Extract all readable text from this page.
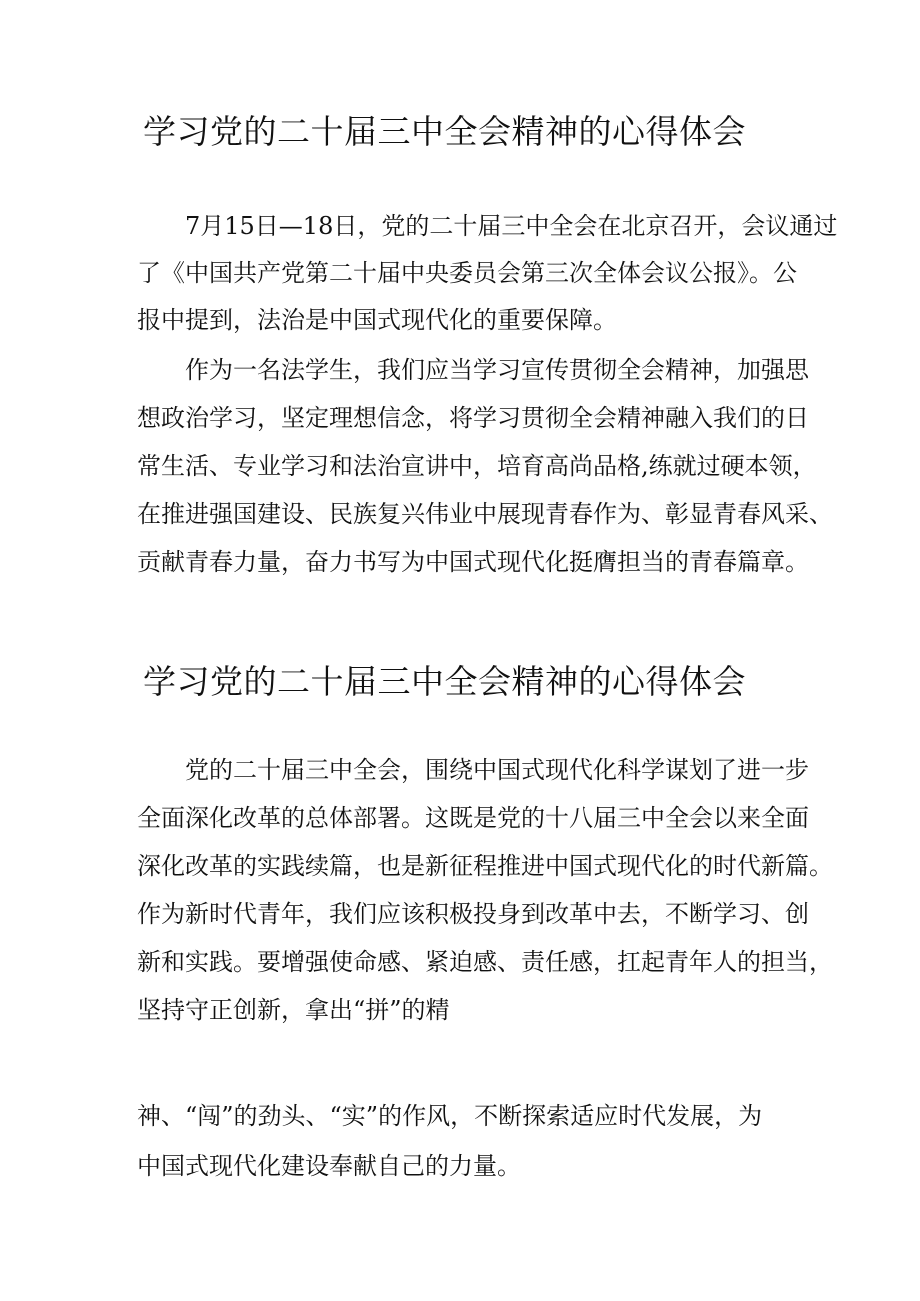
学习党的二十届三中全会精神的心得体会

7月15日—18日，党的二十届三中全会在北京召开，会议通过

了《中国共产党第二十届中央委员会第三次全体会议公报》。公

报中提到，法治是中国式现代化的重要保障。

作为一名法学生，我们应当学习宣传贯彻全会精神，加强思

想政治学习，坚定理想信念，将学习贯彻全会精神融入我们的日

常生活、专业学习和法治宣讲中，培育高尚品格,练就过硬本领，

在推进强国建设、民族复兴伟业中展现青春作为、彰显青春风采、

贡献青春力量，奋力书写为中国式现代化挺膺担当的青春篇章。

学习党的二十届三中全会精神的心得体会

党的二十届三中全会，围绕中国式现代化科学谋划了进一步

全面深化改革的总体部署。这既是党的十八届三中全会以来全面

深化改革的实践续篇，也是新征程推进中国式现代化的时代新篇。

作为新时代青年，我们应该积极投身到改革中去，不断学习、创

新和实践。要增强使命感、紧迫感、责任感，扛起青年人的担当，

坚持守正创新，拿出“拼”的精

神、“闯”的劲头、“实”的作风，不断探索适应时代发展，为

中国式现代化建设奉献自己的力量。
